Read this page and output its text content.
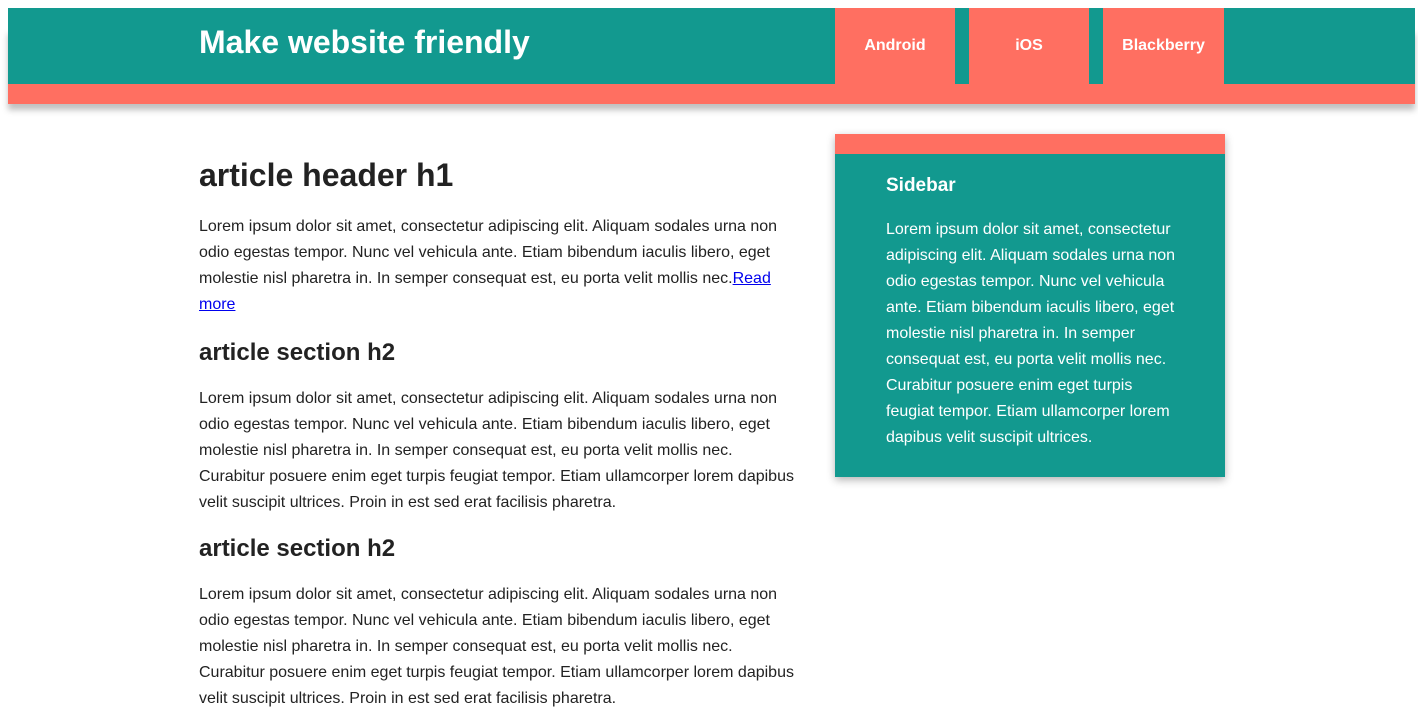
Make website friendly	Android	iOS	Blackberry
article header h1

Lorem ipsum dolor sit amet, consectetur adipiscing elit. Aliquam sodales urna non odio egestas tempor. Nunc vel vehicula ante. Etiam bibendum iaculis libero, eget molestie nisl pharetra in. In semper consequat est, eu porta velit mollis nec.Read more

article section h2

Lorem ipsum dolor sit amet, consectetur adipiscing elit. Aliquam sodales urna non odio egestas tempor. Nunc vel vehicula ante. Etiam bibendum iaculis libero, eget molestie nisl pharetra in. In semper consequat est, eu porta velit mollis nec. Curabitur posuere enim eget turpis feugiat tempor. Etiam ullamcorper lorem dapibus velit suscipit ultrices. Proin in est sed erat facilisis pharetra.

article section h2

Lorem ipsum dolor sit amet, consectetur adipiscing elit. Aliquam sodales urna non odio egestas tempor. Nunc vel vehicula ante. Etiam bibendum iaculis libero, eget molestie nisl pharetra in. In semper consequat est, eu porta velit mollis nec. Curabitur posuere enim eget turpis feugiat tempor. Etiam ullamcorper lorem dapibus velit suscipit ultrices. Proin in est sed erat facilisis pharetra.

Sidebar

Lorem ipsum dolor sit amet, consectetur adipiscing elit. Aliquam sodales urna non odio egestas tempor. Nunc vel vehicula ante. Etiam bibendum iaculis libero, eget molestie nisl pharetra in. In semper consequat est, eu porta velit mollis nec. Curabitur posuere enim eget turpis feugiat tempor. Etiam ullamcorper lorem dapibus velit suscipit ultrices.
